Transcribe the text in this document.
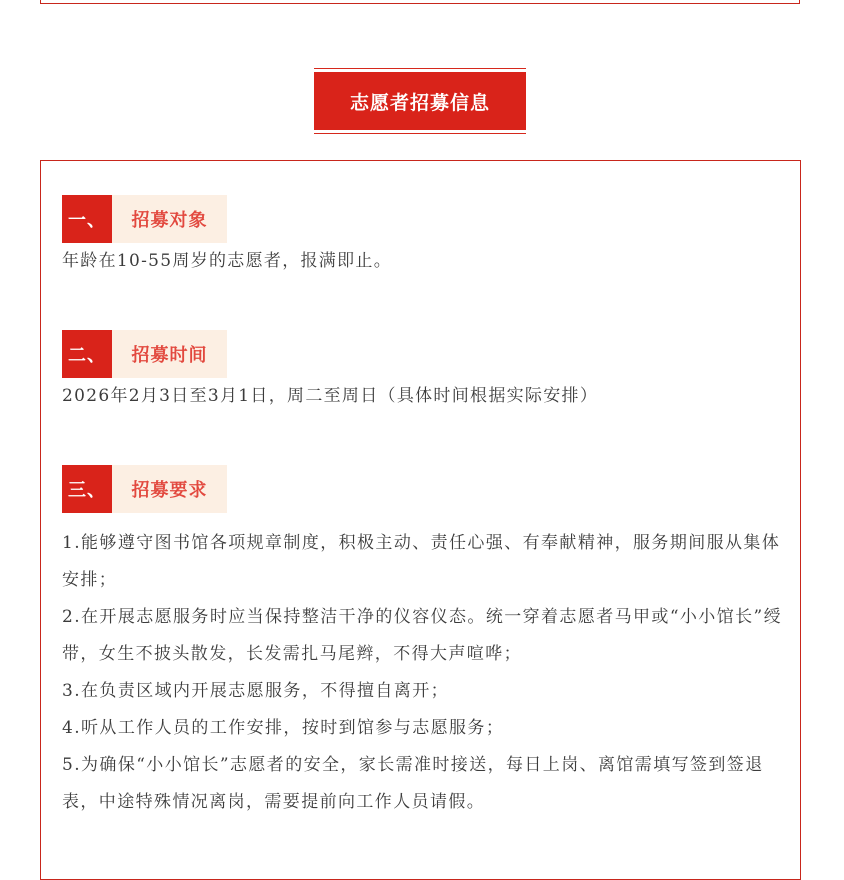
志愿者招募信息
一、	招募对象

年龄在10-55周岁的志愿者，报满即止。

二、	招募时间

2026年2月3日至3月1日，周二至周日（具体时间根据实际安排）

三、	招募要求
1.能够遵守图书馆各项规章制度，积极主动、责任心强、有奉献精神，服务期间服从集体安排；
2.在开展志愿服务时应当保持整洁干净的仪容仪态。统一穿着志愿者马甲或“小小馆长”绶带，女生不披头散发，长发需扎马尾辫，不得大声喧哗；
3.在负责区域内开展志愿服务，不得擅自离开；
4.听从工作人员的工作安排，按时到馆参与志愿服务；
5.为确保“小小馆长”志愿者的安全，家长需准时接送，每日上岗、离馆需填写签到签退表，中途特殊情况离岗，需要提前向工作人员请假。
